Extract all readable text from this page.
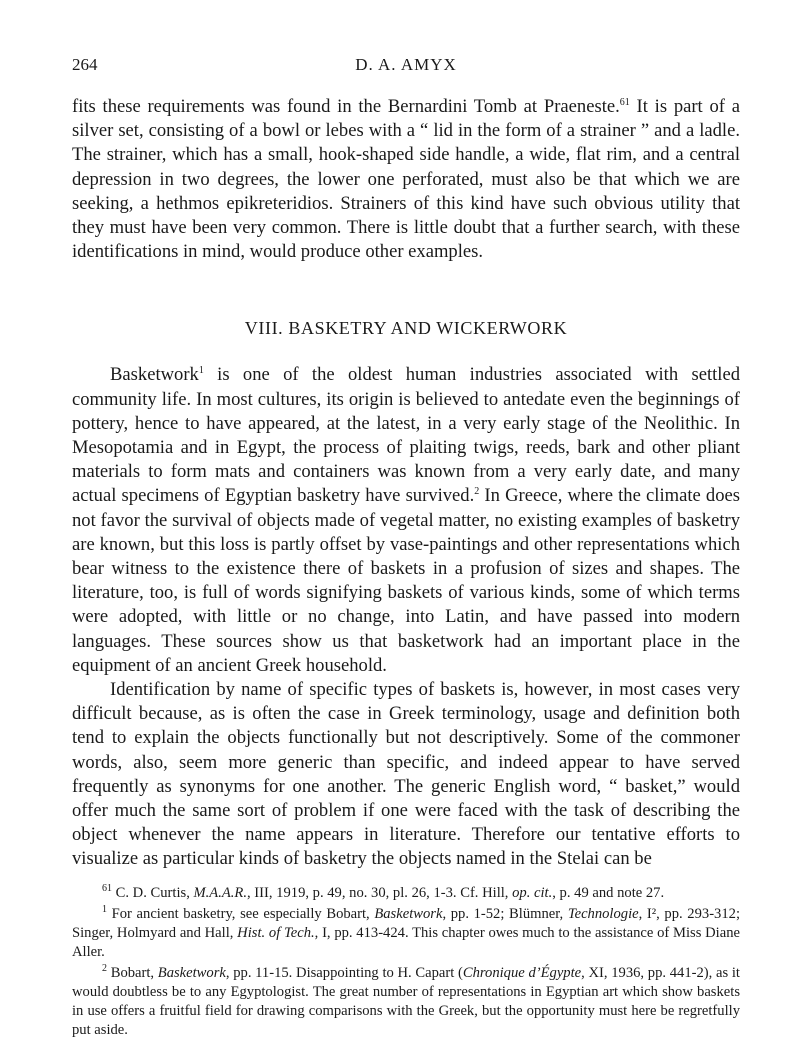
264	D. A. AMYX

fits these requirements was found in the Bernardini Tomb at Praeneste.$^{61}$ It is part of a silver set, consisting of a bowl or lebes with a “ lid in the form of a strainer ” and a ladle. The strainer, which has a small, hook-shaped side handle, a wide, flat rim, and a central depression in two degrees, the lower one perforated, must also be that which we are seeking, a hethmos epikreteridios. Strainers of this kind have such obvious utility that they must have been very common. There is little doubt that a further search, with these identifications in mind, would produce other examples.

VIII. BASKETRY AND WICKERWORK

Basketwork$^1$ is one of the oldest human industries associated with settled community life. In most cultures, its origin is believed to antedate even the beginnings of pottery, hence to have appeared, at the latest, in a very early stage of the Neolithic. In Mesopotamia and in Egypt, the process of plaiting twigs, reeds, bark and other pliant materials to form mats and containers was known from a very early date, and many actual specimens of Egyptian basketry have survived.$^2$ In Greece, where the climate does not favor the survival of objects made of vegetal matter, no existing examples of basketry are known, but this loss is partly offset by vase-paintings and other representations which bear witness to the existence there of baskets in a profusion of sizes and shapes. The literature, too, is full of words signifying baskets of various kinds, some of which terms were adopted, with little or no change, into Latin, and have passed into modern languages. These sources show us that basketwork had an important place in the equipment of an ancient Greek household.

Identification by name of specific types of baskets is, however, in most cases very difficult because, as is often the case in Greek terminology, usage and definition both tend to explain the objects functionally but not descriptively. Some of the commoner words, also, seem more generic than specific, and indeed appear to have served frequently as synonyms for one another. The generic English word, “ basket,” would offer much the same sort of problem if one were faced with the task of describing the object whenever the name appears in literature. Therefore our tentative efforts to visualize as particular kinds of basketry the objects named in the Stelai can be

$^{61}$ C. D. Curtis, M.A.A.R., III, 1919, p. 49, no. 30, pl. 26, 1-3. Cf. Hill, op. cit., p. 49 and note 27.

$^1$ For ancient basketry, see especially Bobart, Basketwork, pp. 1-52; Blümner, Technologie, I², pp. 293-312; Singer, Holmyard and Hall, Hist. of Tech., I, pp. 413-424. This chapter owes much to the assistance of Miss Diane Aller.

$^2$ Bobart, Basketwork, pp. 11-15. Disappointing to H. Capart (Chronique d’Égypte, XI, 1936, pp. 441-2), as it would doubtless be to any Egyptologist. The great number of representations in Egyptian art which show baskets in use offers a fruitful field for drawing comparisons with the Greek, but the opportunity must here be regretfully put aside.
